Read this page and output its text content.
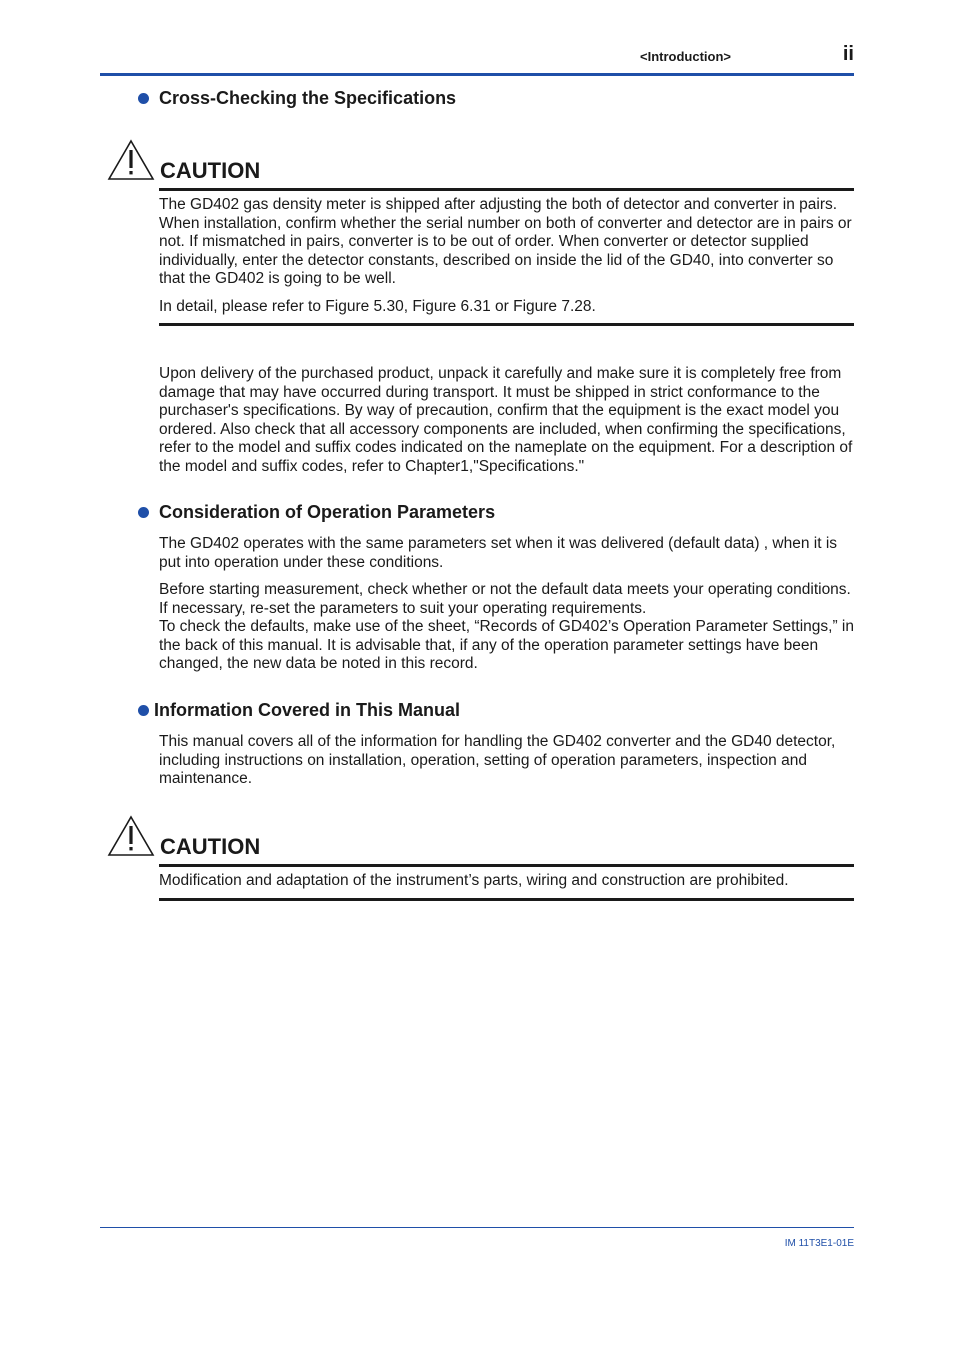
<Introduction>	ii
Cross-Checking the Specifications
CAUTION

The GD402 gas density meter is shipped after adjusting the both of detector and converter in pairs. When installation, confirm whether the serial number on both of converter and detector are in pairs or not. If mismatched in pairs, converter is to be out of order. When converter or detector supplied individually, enter the detector constants, described on inside the lid of the GD40, into converter so that the GD402 is going to be well.

In detail, please refer to Figure 5.30, Figure 6.31 or Figure 7.28.

Upon delivery of the purchased product, unpack it carefully and make sure it is completely free from damage that may have occurred during transport. It must be shipped in strict conformance to the purchaser's specifications. By way of precaution, confirm that the equipment is the exact model you ordered. Also check that all accessory components are included, when confirming the specifications, refer to the model and suffix codes indicated on the nameplate on the equipment. For a description of the model and suffix codes, refer to Chapter1,"Specifications."

Consideration of Operation Parameters

The GD402 operates with the same parameters set when it was delivered (default data) , when it is put into operation under these conditions.

Before starting measurement, check whether or not the default data meets your operating conditions. If necessary, re-set the parameters to suit your operating requirements.

To check the defaults, make use of the sheet, “Records of GD402’s Operation Parameter Settings,” in the back of this manual. It is advisable that, if any of the operation parameter settings have been changed, the new data be noted in this record.

Information Covered in This Manual

This manual covers all of the information for handling the GD402 converter and the GD40 detector, including instructions on installation, operation, setting of operation parameters, inspection and maintenance.

CAUTION

Modification and adaptation of the instrument’s parts, wiring and construction are prohibited.

IM 11T3E1-01E
